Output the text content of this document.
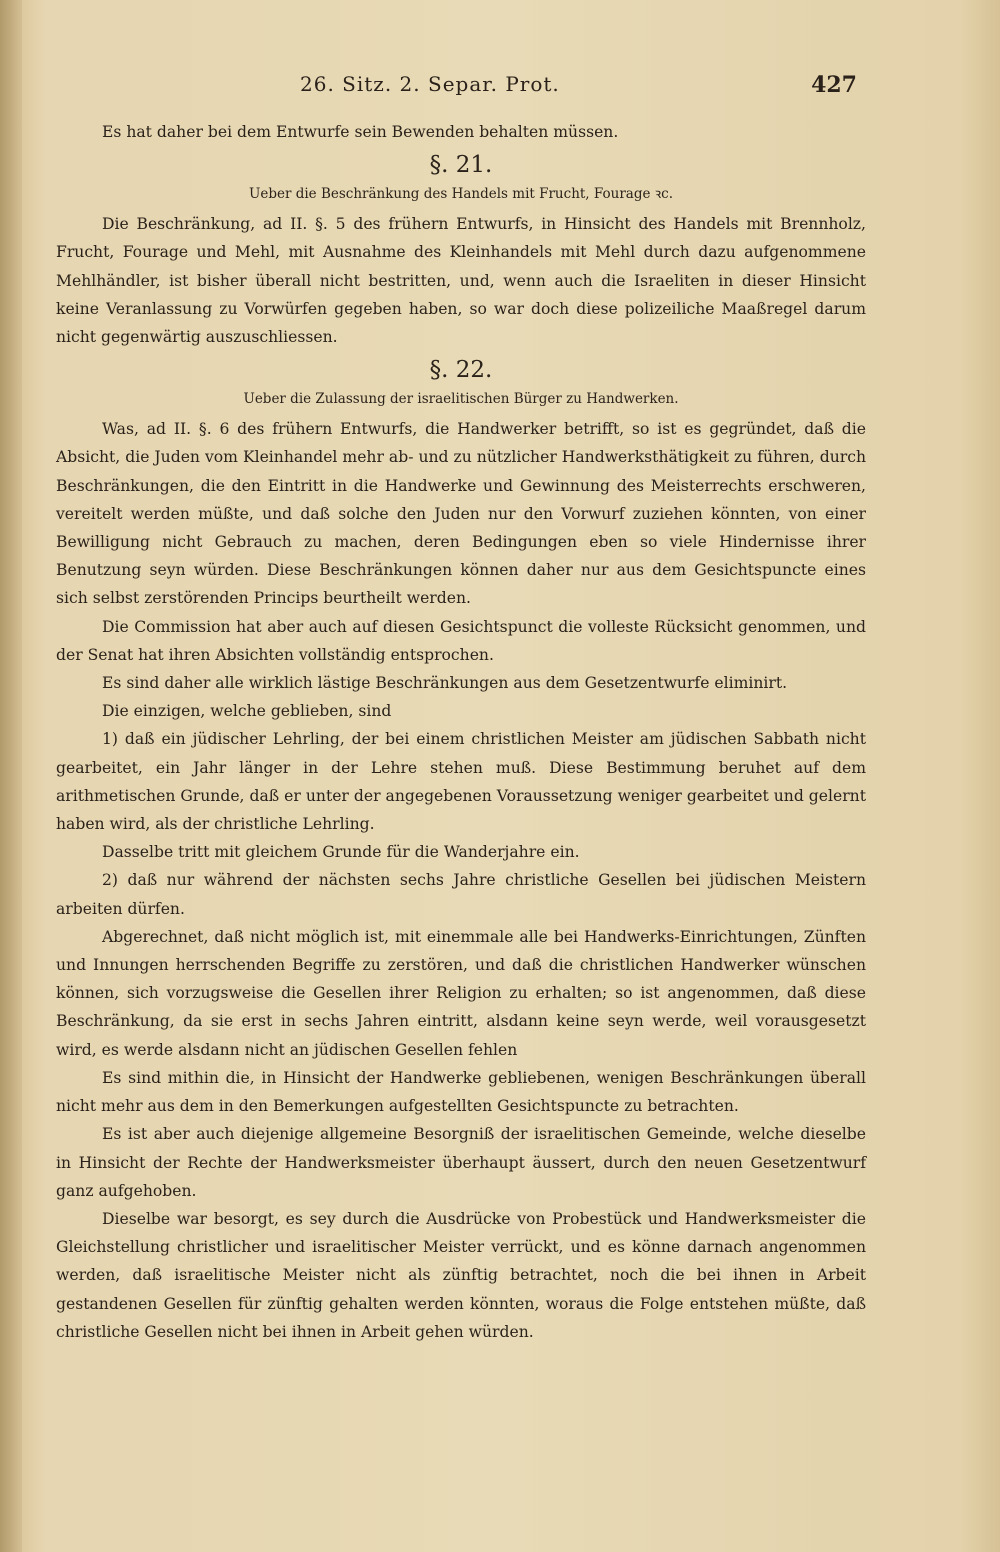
26. Sitz. 2. Separ. Prot.	427

Es hat daher bei dem Entwurfe sein Bewenden behalten müssen.

§. 21.
Ueber die Beschränkung des Handels mit Frucht, Fourage ꝛc.

Die Beschränkung, ad II. §. 5 des frühern Entwurfs, in Hinsicht des Handels mit Brennholz, Frucht, Fourage und Mehl, mit Ausnahme des Kleinhandels mit Mehl durch dazu aufgenommene Mehlhändler, ist bisher überall nicht bestritten, und, wenn auch die Israeliten in dieser Hinsicht keine Veranlassung zu Vorwürfen gegeben haben, so war doch diese polizeiliche Maaßregel darum nicht gegenwärtig auszuschliessen.

§. 22.
Ueber die Zulassung der israelitischen Bürger zu Handwerken.

Was, ad II. §. 6 des frühern Entwurfs, die Handwerker betrifft, so ist es gegründet, daß die Absicht, die Juden vom Kleinhandel mehr ab- und zu nützlicher Handwerksthätigkeit zu führen, durch Beschränkungen, die den Eintritt in die Handwerke und Gewinnung des Meisterrechts erschweren, vereitelt werden müßte, und daß solche den Juden nur den Vorwurf zuziehen könnten, von einer Bewilligung nicht Gebrauch zu machen, deren Bedingungen eben so viele Hindernisse ihrer Benutzung seyn würden. Diese Beschränkungen können daher nur aus dem Gesichtspuncte eines sich selbst zerstörenden Princips beurtheilt werden.

Die Commission hat aber auch auf diesen Gesichtspunct die volleste Rücksicht genommen, und der Senat hat ihren Absichten vollständig entsprochen.

Es sind daher alle wirklich lästige Beschränkungen aus dem Gesetzentwurfe eliminirt.

Die einzigen, welche geblieben, sind

1) daß ein jüdischer Lehrling, der bei einem christlichen Meister am jüdischen Sabbath nicht gearbeitet, ein Jahr länger in der Lehre stehen muß. Diese Bestimmung beruhet auf dem arithmetischen Grunde, daß er unter der angegebenen Voraussetzung weniger gearbeitet und gelernt haben wird, als der christliche Lehrling.

Dasselbe tritt mit gleichem Grunde für die Wanderjahre ein.

2) daß nur während der nächsten sechs Jahre christliche Gesellen bei jüdischen Meistern arbeiten dürfen.

Abgerechnet, daß nicht möglich ist, mit einemmale alle bei Handwerks-Einrichtungen, Zünften und Innungen herrschenden Begriffe zu zerstören, und daß die christlichen Handwerker wünschen können, sich vorzugsweise die Gesellen ihrer Religion zu erhalten; so ist angenommen, daß diese Beschränkung, da sie erst in sechs Jahren eintritt, alsdann keine seyn werde, weil vorausgesetzt wird, es werde alsdann nicht an jüdischen Gesellen fehlen

Es sind mithin die, in Hinsicht der Handwerke gebliebenen, wenigen Beschränkungen überall nicht mehr aus dem in den Bemerkungen aufgestellten Gesichtspuncte zu betrachten.

Es ist aber auch diejenige allgemeine Besorgniß der israelitischen Gemeinde, welche dieselbe in Hinsicht der Rechte der Handwerksmeister überhaupt äussert, durch den neuen Gesetzentwurf ganz aufgehoben.

Dieselbe war besorgt, es sey durch die Ausdrücke von Probestück und Handwerksmeister die Gleichstellung christlicher und israelitischer Meister verrückt, und es könne darnach angenommen werden, daß israelitische Meister nicht als zünftig betrachtet, noch die bei ihnen in Arbeit gestandenen Gesellen für zünftig gehalten werden könnten, woraus die Folge entstehen müßte, daß christliche Gesellen nicht bei ihnen in Arbeit gehen würden.
